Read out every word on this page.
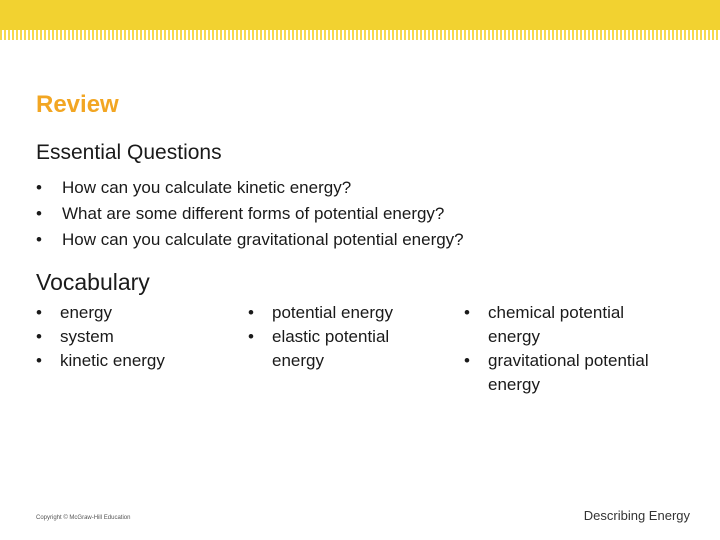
Review
Essential Questions
• How can you calculate kinetic energy?
• What are some different forms of potential energy?
• How can you calculate gravitational potential energy?
Vocabulary
• energy
• system
• kinetic energy
• potential energy
• elastic potential energy
• chemical potential energy
• gravitational potential energy
Copyright © McGraw-Hill Education	Describing Energy
